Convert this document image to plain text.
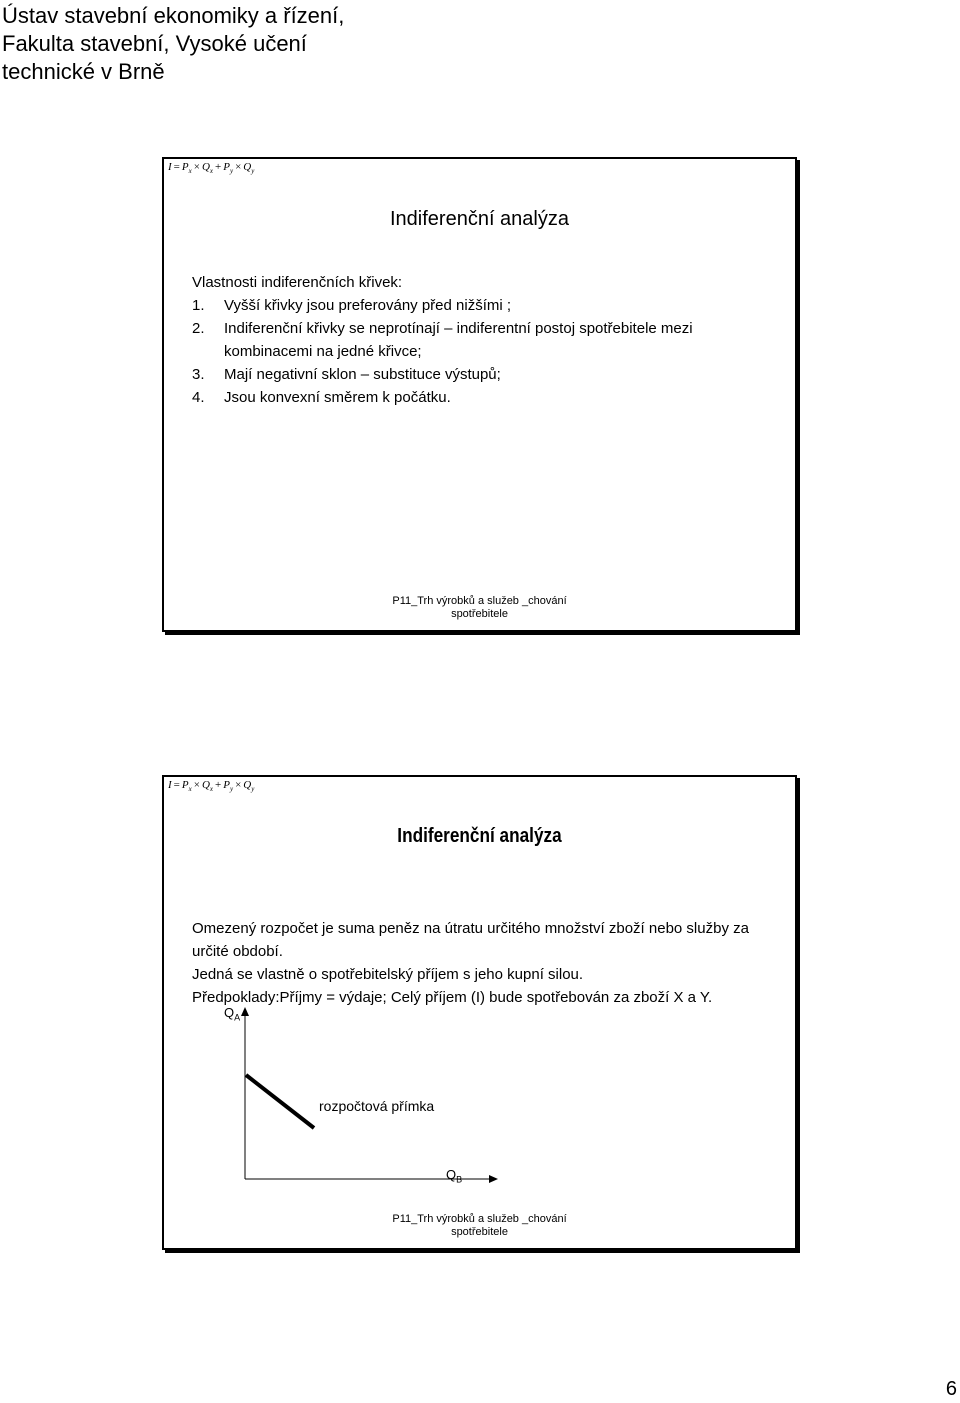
Ústav stavební ekonomiky a řízení,
Fakulta stavební, Vysoké učení
technické v Brně
$I = P_x \times Q_x + P_y \times Q_y$
Indiferenční analýza
Vlastnosti indiferenčních křivek:
1. Vyšší křivky jsou preferovány před nižšími ;
2. Indiferenční křivky se neprotínají – indiferentní postoj spotřebitele mezi kombinacemi na jedné křivce;
3. Mají negativní sklon – substituce výstupů;
4. Jsou konvexní směrem k počátku.
P11_Trh výrobků a služeb _chování
spotřebitele
$I = P_x \times Q_x + P_y \times Q_y$
Indiferenční analýza
Omezený rozpočet je suma peněz na útratu určitého množství zboží nebo služby za určité období.
Jedná se vlastně o spotřebitelský příjem s jeho kupní silou.
Předpoklady:Příjmy = výdaje; Celý příjem (I) bude spotřebován za zboží X a Y.
$Q_A$
$Q_B$
rozpočtová přímka
P11_Trh výrobků a služeb _chování
spotřebitele
6
